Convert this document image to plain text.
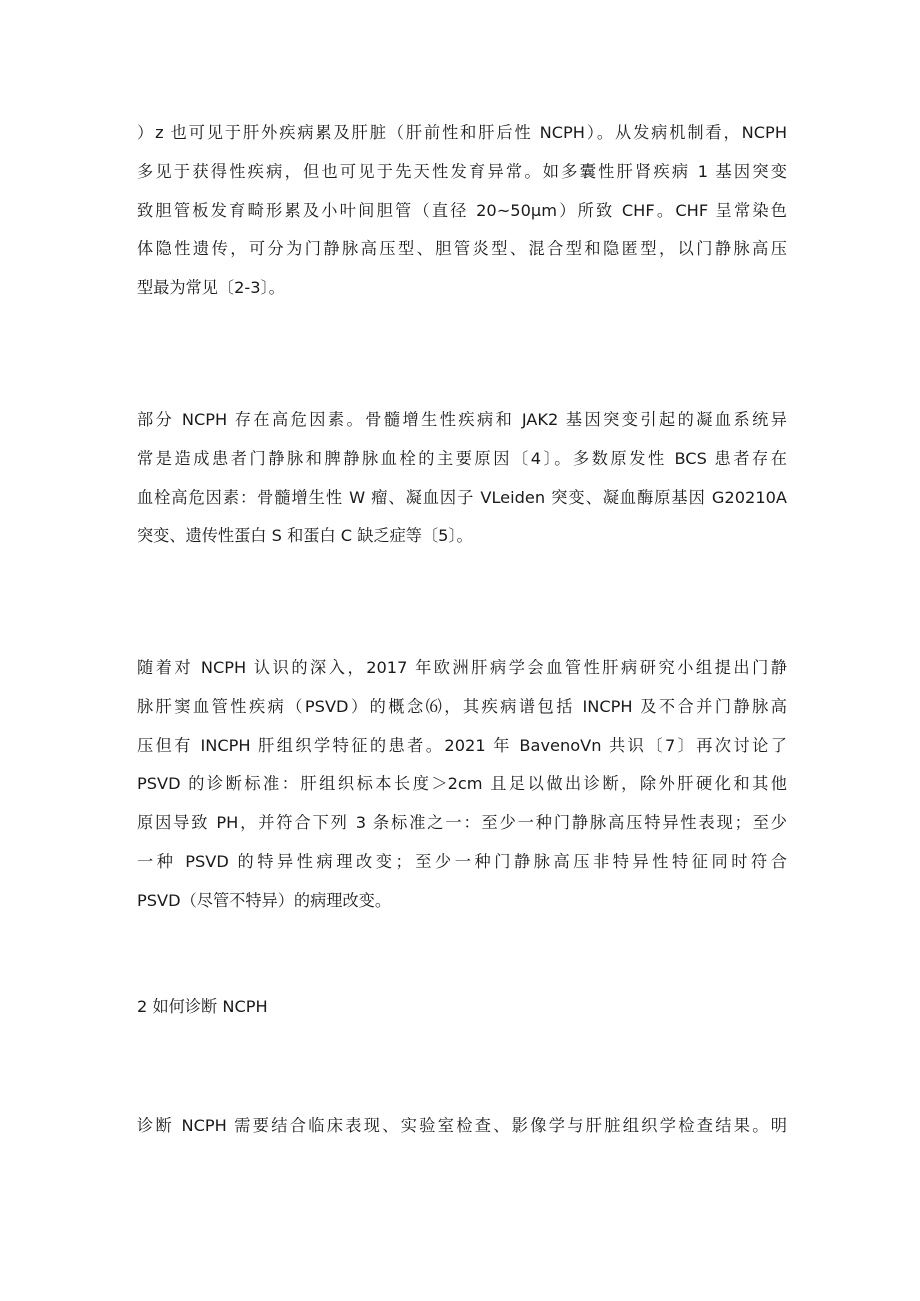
）z 也可见于肝外疾病累及肝脏（肝前性和肝后性 NCPH）。从发病机制看，NCPH
多见于获得性疾病，但也可见于先天性发育异常。如多囊性肝肾疾病 1 基因突变
致胆管板发育畸形累及小叶间胆管（直径 20~50μm）所致 CHF。CHF 呈常染色
体隐性遗传，可分为门静脉高压型、胆管炎型、混合型和隐匿型，以门静脉高压
型最为常见〔2-3〕。
部分 NCPH 存在高危因素。骨髓增生性疾病和 JAK2 基因突变引起的凝血系统异
常是造成患者门静脉和脾静脉血栓的主要原因〔4〕。多数原发性 BCS 患者存在
血栓高危因素：骨髓增生性 W 瘤、凝血因子 VLeiden 突变、凝血酶原基因 G20210A
突变、遗传性蛋白 S 和蛋白 C 缺乏症等〔5〕。
随着对 NCPH 认识的深入，2017 年欧洲肝病学会血管性肝病研究小组提出门静
脉肝窦血管性疾病（PSVD）的概念⑹，其疾病谱包括 INCPH 及不合并门静脉高
压但有 INCPH 肝组织学特征的患者。2021 年 BavenoVn 共识〔7〕再次讨论了
PSVD 的诊断标准：肝组织标本长度＞2cm 且足以做出诊断，除外肝硬化和其他
原因导致 PH，并符合下列 3 条标准之一：至少一种门静脉高压特异性表现；至少
一种 PSVD 的特异性病理改变；至少一种门静脉高压非特异性特征同时符合
PSVD（尽管不特异）的病理改变。

2 如何诊断 NCPH

诊断 NCPH 需要结合临床表现、实验室检查、影像学与肝脏组织学检查结果。明
